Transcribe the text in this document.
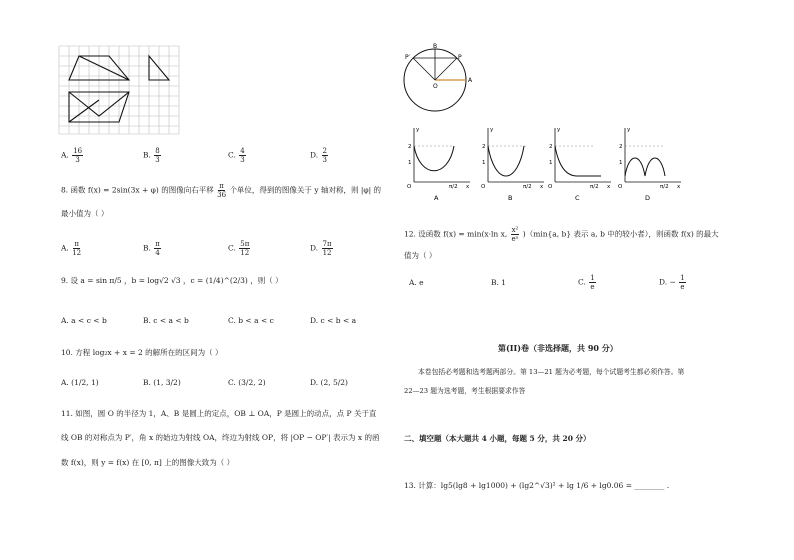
A. $\frac{16}{3}$	B. $\frac{8}{3}$	C. $\frac{4}{3}$	D. $\frac{2}{3}$
8. 函数 f(x) = 2sin(3x + φ) 的图像向右平移 $\frac{\pi}{36}$ 个单位，得到的图像关于 y 轴对称，则 |φ| 的
最小值为（ ）
A. $\frac{\pi}{12}$	B. $\frac{\pi}{4}$	C. $\frac{5\pi}{12}$	D. $\frac{7\pi}{12}$
9. 设 a = sin π/5 ，b = log√2 √3 ，c = (1/4)^(2/3) ，则（ ）
A. a < c < b	B. c < a < b	C. b < a < c	D. c < b < a
10. 方程 log₂x + x = 2 的解所在的区间为（ ）
A. (1/2, 1)	B. (1, 3/2)	C. (3/2, 2)	D. (2, 5/2)
11. 如图，圆 O 的半径为 1，A、B 是圆上的定点，OB ⊥ OA，P 是圆上的动点，点 P 关于直
线 OB 的对称点为 P′，角 x 的始边为射线 OA，终边为射线 OP，将 |OP − OP′| 表示为 x 的函
数 f(x)，则 y = f(x) 在 [0, π] 上的图像大致为（ ）
B
P′	P
O
A
2
1
O	π/2 x
y
A
2
1
O	π/2 x
y
B
2
1
O	π/2 x
y
C
2
1
O	π/2 x
y
D
12. 设函数 f(x) = min(x·ln x, $\frac{\text{x²}}{\text{eˣ}} )(\min\{a$, b} 表示 a, b 中的较小者），则函数 f(x) 的最大
值为（ ）
A. e	B. 1	C. $\frac{1}{e}$	D. − $\frac{1}{e}$
第(II)卷（非选择题，共 90 分）
本卷包括必考题和选考题两部分。第 13—21 题为必考题，每个试题考生都必须作答。第
22—23 题为选考题，考生根据要求作答
二、填空题（本大题共 4 小题，每题 5 分，共 20 分）
13. 计算：lg5(lg8 + lg1000) + (lg2^√3)² + lg 1/6 + lg0.06 = ________ .
